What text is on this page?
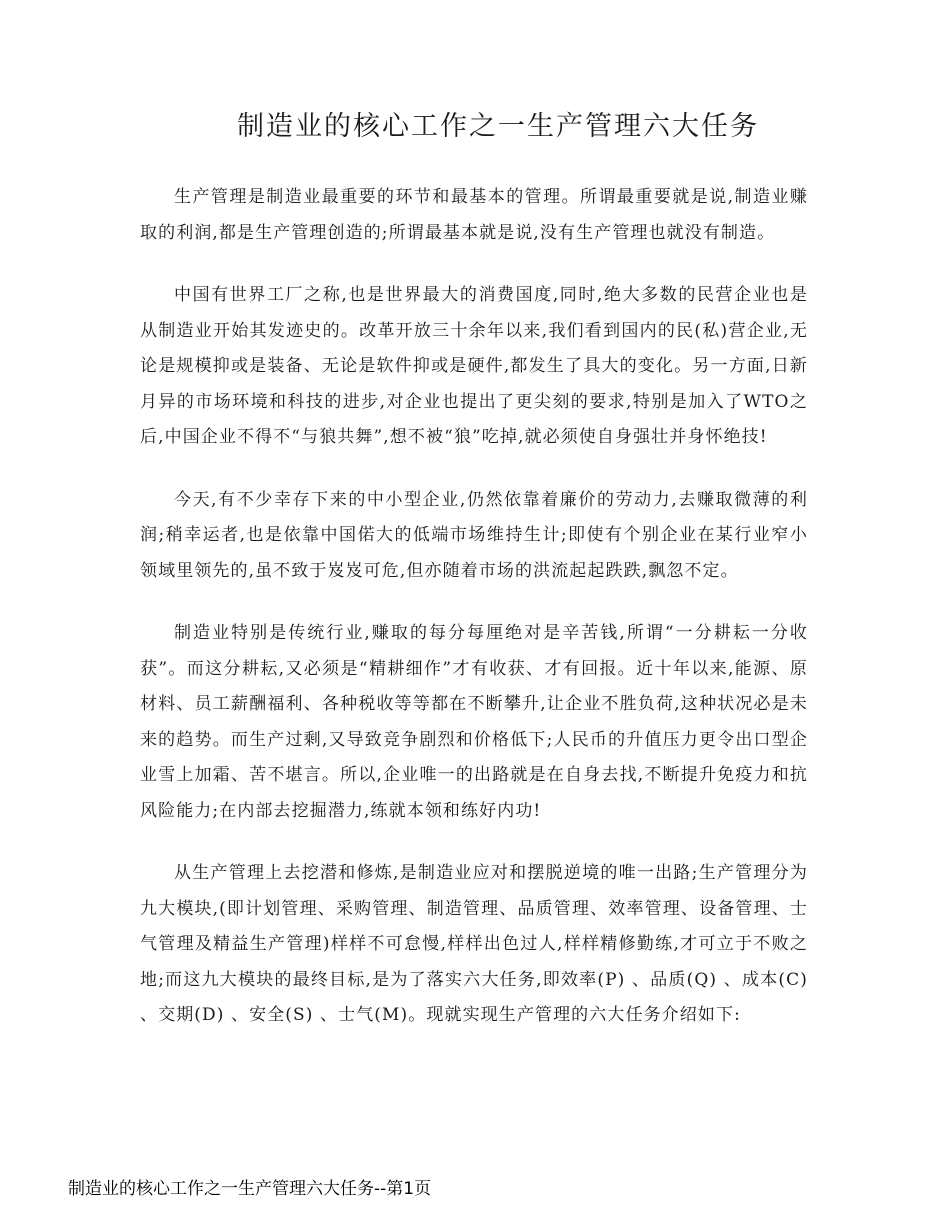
制造业的核心工作之一生产管理六大任务

生产管理是制造业最重要的环节和最基本的管理。所谓最重要就是说,制造业赚取的利润,都是生产管理创造的;所谓最基本就是说,没有生产管理也就没有制造。

中国有世界工厂之称,也是世界最大的消费国度,同时,绝大多数的民营企业也是从制造业开始其发迹史的。改革开放三十余年以来,我们看到国内的民(私)营企业,无论是规模抑或是装备、无论是软件抑或是硬件,都发生了具大的变化。另一方面,日新月异的市场环境和科技的进步,对企业也提出了更尖刻的要求,特别是加入了WTO之后,中国企业不得不“与狼共舞”,想不被“狼”吃掉,就必须使自身强壮并身怀绝技!

今天,有不少幸存下来的中小型企业,仍然依靠着廉价的劳动力,去赚取微薄的利润;稍幸运者,也是依靠中国偌大的低端市场维持生计;即使有个别企业在某行业窄小领域里领先的,虽不致于岌岌可危,但亦随着市场的洪流起起跌跌,飘忽不定。

制造业特别是传统行业,赚取的每分每厘绝对是辛苦钱,所谓“一分耕耘一分收获”。而这分耕耘,又必须是“精耕细作”才有收获、才有回报。近十年以来,能源、原材料、员工薪酬福利、各种税收等等都在不断攀升,让企业不胜负荷,这种状况必是未来的趋势。而生产过剩,又导致竞争剧烈和价格低下;人民币的升值压力更令出口型企业雪上加霜、苦不堪言。所以,企业唯一的出路就是在自身去找,不断提升免疫力和抗风险能力;在内部去挖掘潜力,练就本领和练好内功!

从生产管理上去挖潜和修炼,是制造业应对和摆脱逆境的唯一出路;生产管理分为九大模块,(即计划管理、采购管理、制造管理、品质管理、效率管理、设备管理、士气管理及精益生产管理)样样不可怠慢,样样出色过人,样样精修勤练,才可立于不败之地;而这九大模块的最终目标,是为了落实六大任务,即效率(P) 、品质(Q) 、成本(C) 、交期(D) 、安全(S) 、士气(M)。现就实现生产管理的六大任务介绍如下:

制造业的核心工作之一生产管理六大任务--第1页
